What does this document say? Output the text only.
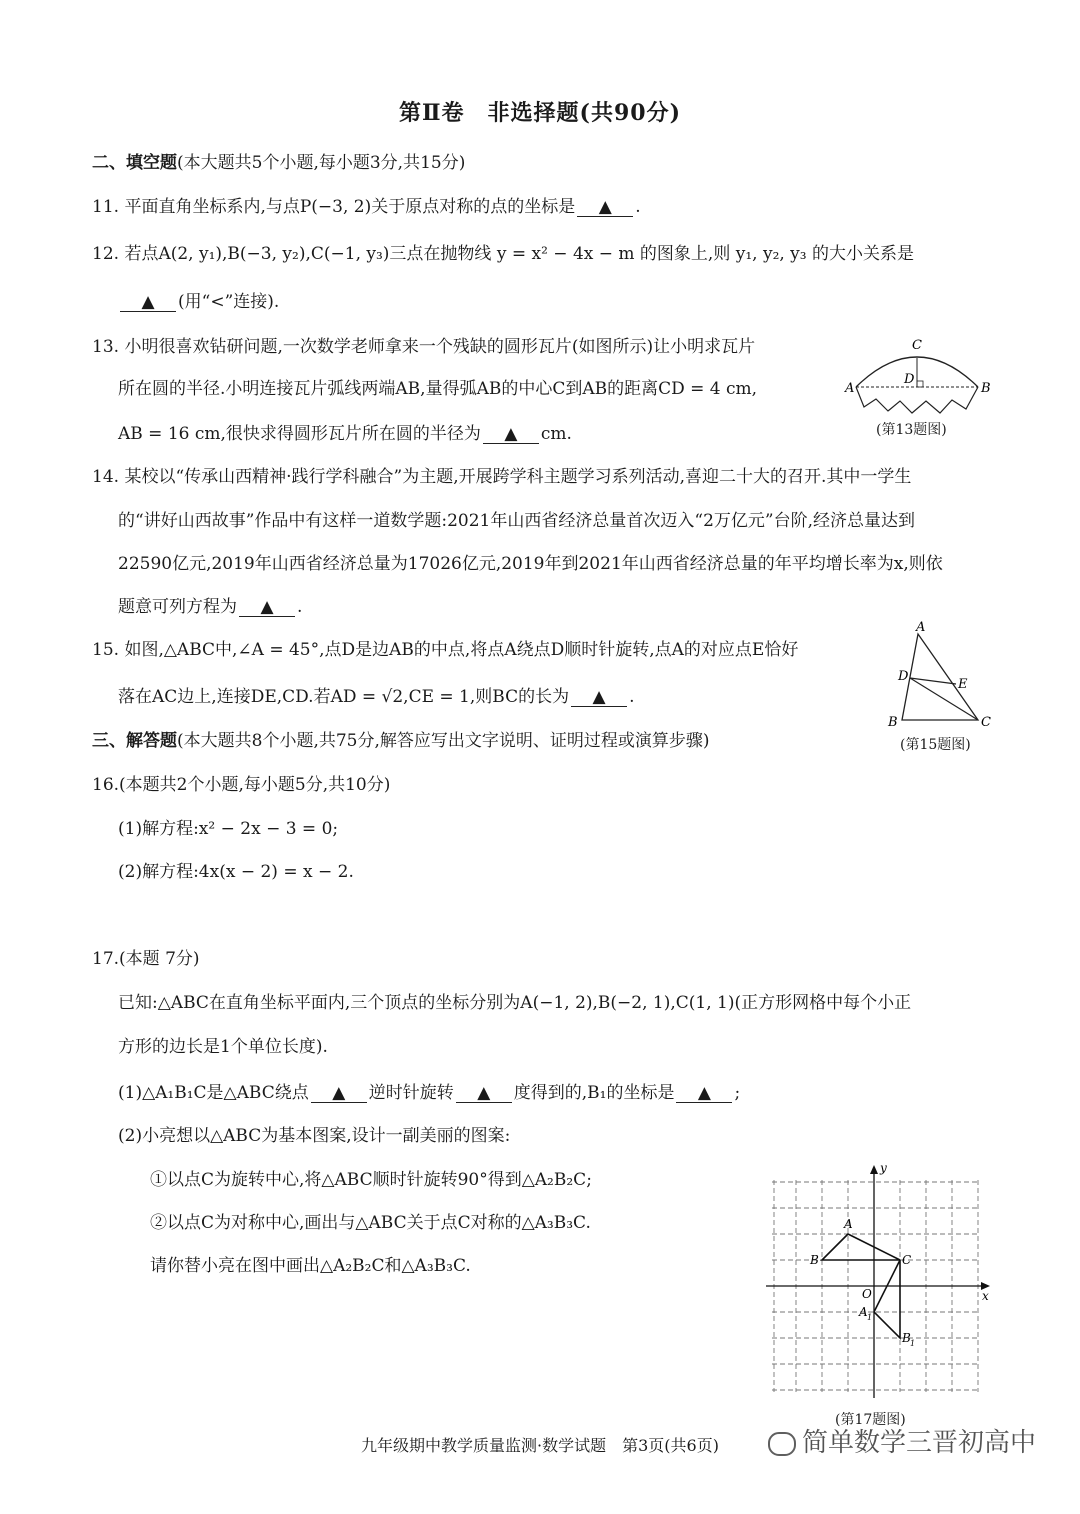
第Ⅱ卷　非选择题(共90分)
二、填空题(本大题共5个小题,每小题3分,共15分)
11. 平面直角坐标系内,与点P(−3, 2)关于原点对称的点的坐标是 ▲ .
12. 若点A(2, y₁),B(−3, y₂),C(−1, y₃)三点在抛物线 y = x² − 4x − m 的图象上,则 y₁, y₂, y₃ 的大小关系是
▲ (用“<”连接).
13. 小明很喜欢钻研问题,一次数学老师拿来一个残缺的圆形瓦片(如图所示)让小明求瓦片
所在圆的半径.小明连接瓦片弧线两端AB,量得弧AB的中心C到AB的距离CD = 4 cm,
AB = 16 cm,很快求得圆形瓦片所在圆的半径为 ▲ cm.
A	B
C
D
(第13题图)
14. 某校以“传承山西精神·践行学科融合”为主题,开展跨学科主题学习系列活动,喜迎二十大的召开.其中一学生
的“讲好山西故事”作品中有这样一道数学题:2021年山西省经济总量首次迈入“2万亿元”台阶,经济总量达到
22590亿元,2019年山西省经济总量为17026亿元,2019年到2021年山西省经济总量的年平均增长率为x,则依
题意可列方程为 ▲ .
15. 如图,△ABC中,∠A = 45°,点D是边AB的中点,将点A绕点D顺时针旋转,点A的对应点E恰好
落在AC边上,连接DE,CD.若AD = √2,CE = 1,则BC的长为 ▲ .
A
B	C
D
E
(第15题图)
三、解答题(本大题共8个小题,共75分,解答应写出文字说明、证明过程或演算步骤)
16.(本题共2个小题,每小题5分,共10分)
(1)解方程:x² − 2x − 3 = 0;
(2)解方程:4x(x − 2) = x − 2.
17.(本题 7分)
已知:△ABC在直角坐标平面内,三个顶点的坐标分别为A(−1, 2),B(−2, 1),C(1, 1)(正方形网格中每个小正
方形的边长是1个单位长度).
(1)△A₁B₁C是△ABC绕点 ▲ 逆时针旋转 ▲ 度得到的,B₁的坐标是 ▲ ;
(2)小亮想以△ABC为基本图案,设计一副美丽的图案:
①以点C为旋转中心,将△ABC顺时针旋转90°得到△A₂B₂C;
②以点C为对称中心,画出与△ABC关于点C对称的△A₃B₃C.
请你替小亮在图中画出△A₂B₂C和△A₃B₃C.
A
B	C
O
A 1
B 1
x
y
(第17题图)
九年级期中教学质量监测·数学试题　第3页(共6页)	简单数学三晋初高中
